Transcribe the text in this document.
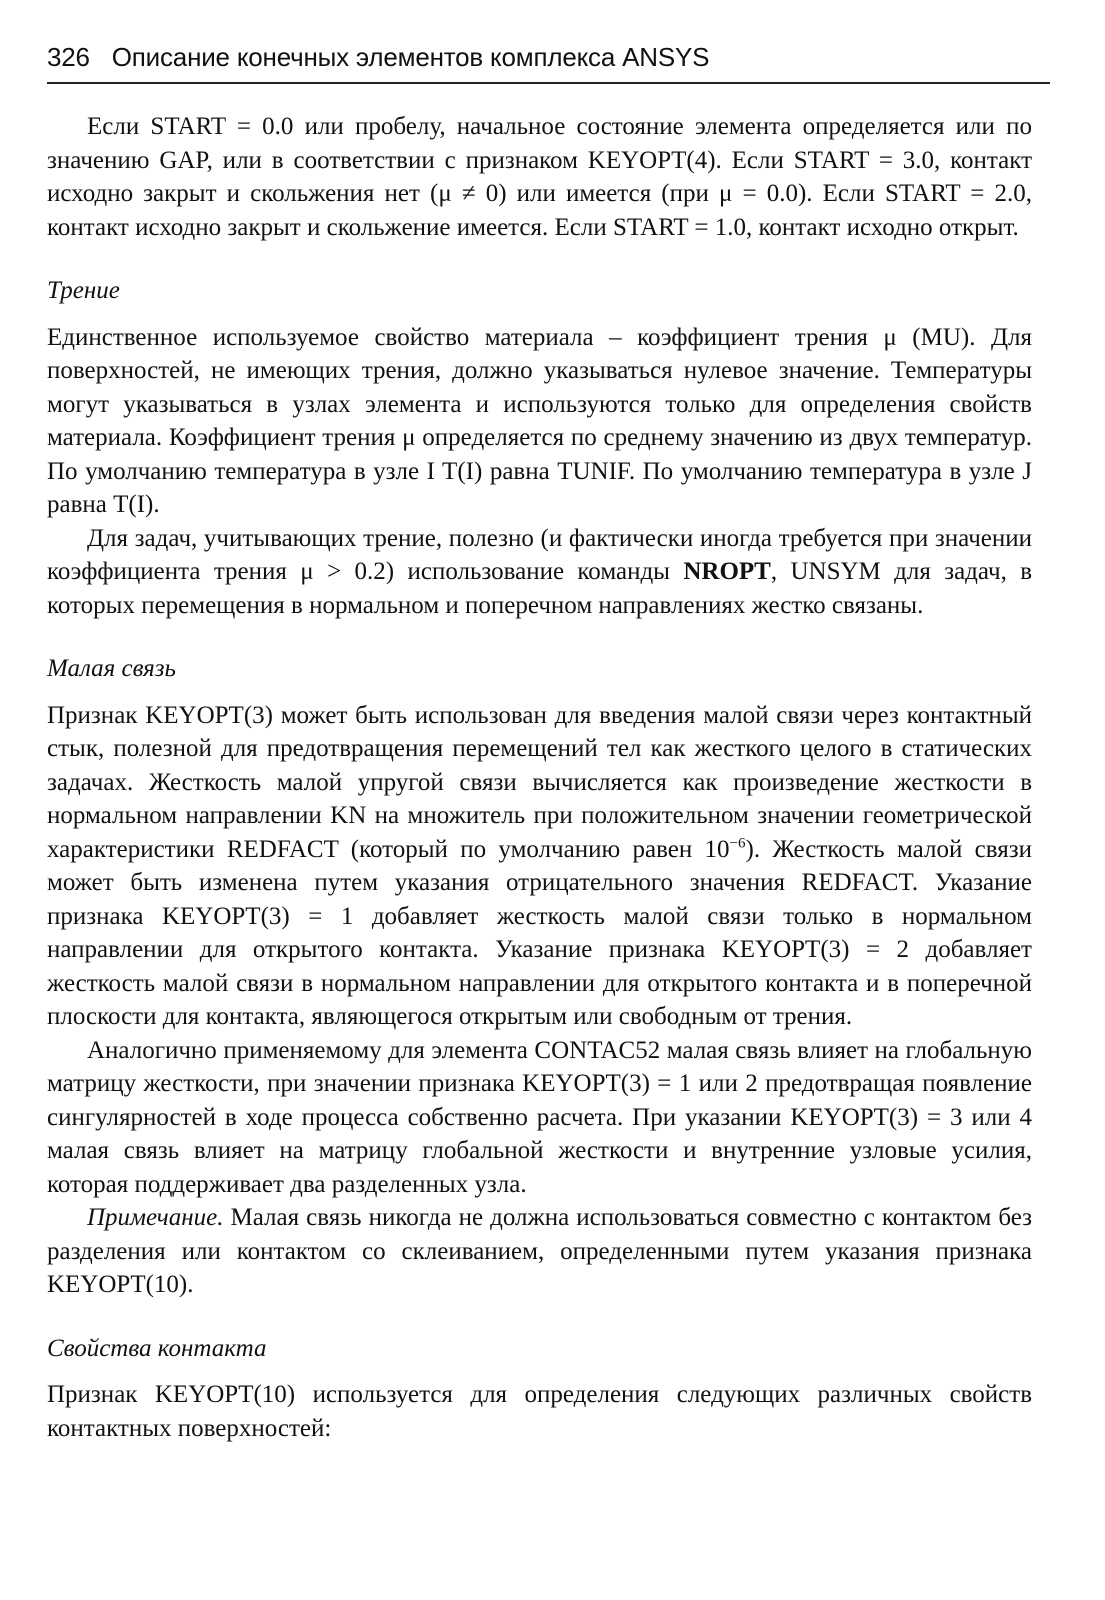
326 Описание конечных элементов комплекса ANSYS

Если START = 0.0 или пробелу, начальное состояние элемента определяется или по значению GAP, или в соответствии с признаком KEYOPT(4). Если START = 3.0, контакт исходно закрыт и скольжения нет (μ ≠ 0) или имеется (при μ = 0.0). Если START = 2.0, контакт исходно закрыт и скольжение имеется. Если START = 1.0, контакт исходно открыт.

Трение

Единственное используемое свойство материала – коэффициент трения μ (MU). Для поверхностей, не имеющих трения, должно указываться нулевое значение. Температуры могут указываться в узлах элемента и используются только для определения свойств материала. Коэффициент трения μ определяется по среднему значению из двух температур. По умолчанию температура в узле I T(I) равна TUNIF. По умолчанию температура в узле J равна T(I).

Для задач, учитывающих трение, полезно (и фактически иногда требуется при значении коэффициента трения μ > 0.2) использование команды NROPT, UNSYM для задач, в которых перемещения в нормальном и поперечном направлениях жестко связаны.

Малая связь

Признак KEYOPT(3) может быть использован для введения малой связи через контактный стык, полезной для предотвращения перемещений тел как жесткого целого в статических задачах. Жесткость малой упругой связи вычисляется как произведение жесткости в нормальном направлении KN на множитель при положительном значении геометрической характеристики REDFACT (который по умолчанию равен $10^{-6}$). Жесткость малой связи может быть изменена путем указания отрицательного значения REDFACT. Указание признака KEYOPT(3) = 1 добавляет жесткость малой связи только в нормальном направлении для открытого контакта. Указание признака KEYOPT(3) = 2 добавляет жесткость малой связи в нормальном направлении для открытого контакта и в поперечной плоскости для контакта, являющегося открытым или свободным от трения.

Аналогично применяемому для элемента CONTAC52 малая связь влияет на глобальную матрицу жесткости, при значении признака KEYOPT(3) = 1 или 2 предотвращая появление сингулярностей в ходе процесса собственно расчета. При указании KEYOPT(3) = 3 или 4 малая связь влияет на матрицу глобальной жесткости и внутренние узловые усилия, которая поддерживает два разделенных узла.

Примечание. Малая связь никогда не должна использоваться совместно с контактом без разделения или контактом со склеиванием, определенными путем указания признака KEYOPT(10).

Свойства контакта

Признак KEYOPT(10) используется для определения следующих различных свойств контактных поверхностей:
